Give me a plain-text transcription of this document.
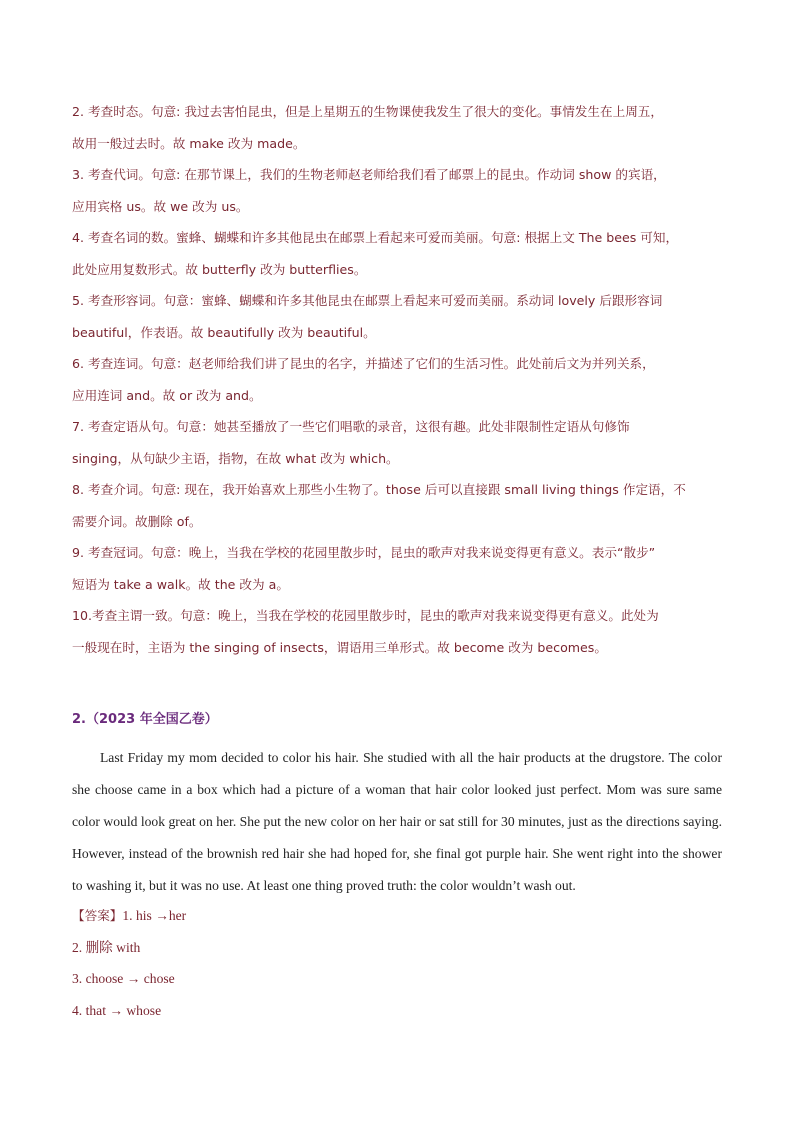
2. 考查时态。句意: 我过去害怕昆虫，但是上星期五的生物课使我发生了很大的变化。事情发生在上周五，
故用一般过去时。故 make 改为 made。

3. 考查代词。句意: 在那节课上，我们的生物老师赵老师给我们看了邮票上的昆虫。作动词 show 的宾语，
应用宾格 us。故 we 改为 us。

4. 考查名词的数。蜜蜂、蝴蝶和许多其他昆虫在邮票上看起来可爱而美丽。句意: 根据上文 The bees 可知，
此处应用复数形式。故 butterfly 改为 butterflies。

5. 考查形容词。句意：蜜蜂、蝴蝶和许多其他昆虫在邮票上看起来可爱而美丽。系动词 lovely 后跟形容词
beautiful，作表语。故 beautifully 改为 beautiful。

6. 考查连词。句意：赵老师给我们讲了昆虫的名字，并描述了它们的生活习性。此处前后文为并列关系，
应用连词 and。故 or 改为 and。

7. 考查定语从句。句意：她甚至播放了一些它们唱歌的录音，这很有趣。此处非限制性定语从句修饰
singing，从句缺少主语，指物，在故 what 改为 which。

8. 考查介词。句意: 现在，我开始喜欢上那些小生物了。those 后可以直接跟 small living things 作定语，不
需要介词。故删除 of。

9. 考查冠词。句意：晚上，当我在学校的花园里散步时，昆虫的歌声对我来说变得更有意义。表示“散步”
短语为 take a walk。故 the 改为 a。

10.考查主谓一致。句意：晚上，当我在学校的花园里散步时，昆虫的歌声对我来说变得更有意义。此处为
一般现在时，主语为 the singing of insects，谓语用三单形式。故 become 改为 becomes。

2.（2023 年全国乙卷）

Last Friday my mom decided to color his hair. She studied with all the hair products at the drugstore. The color she choose came in a box which had a picture of a woman that hair color looked just perfect. Mom was sure same color would look great on her. She put the new color on her hair or sat still for 30 minutes, just as the directions saying. However, instead of the brownish red hair she had hoped for, she final got purple hair. She went right into the shower to washing it, but it was no use. At least one thing proved truth: the color wouldn’t wash out.

【答案】1. his →her

2. 删除 with

3. choose → chose

4. that → whose
